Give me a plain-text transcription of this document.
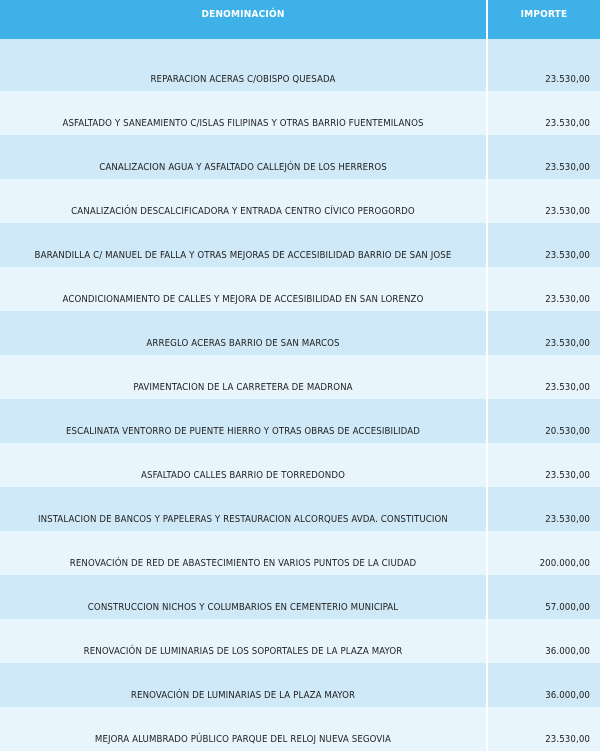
DENOMINACIÓN	IMPORTE
REPARACION ACERAS C/OBISPO QUESADA	23.530,00
ASFALTADO Y SANEAMIENTO C/ISLAS FILIPINAS Y OTRAS BARRIO FUENTEMILANOS	23.530,00
CANALIZACION AGUA Y ASFALTADO CALLEJÓN DE LOS HERREROS	23.530,00
CANALIZACIÓN DESCALCIFICADORA Y ENTRADA CENTRO CÍVICO PEROGORDO	23.530,00
BARANDILLA C/ MANUEL DE FALLA Y OTRAS MEJORAS DE ACCESIBILIDAD BARRIO DE SAN JOSE	23.530,00
ACONDICIONAMIENTO DE CALLES Y MEJORA DE ACCESIBILIDAD EN SAN LORENZO	23.530,00
ARREGLO ACERAS BARRIO DE SAN MARCOS	23.530,00
PAVIMENTACION DE LA CARRETERA DE MADRONA	23.530,00
ESCALINATA VENTORRO DE PUENTE HIERRO Y OTRAS OBRAS DE ACCESIBILIDAD	20.530,00
ASFALTADO CALLES BARRIO DE TORREDONDO	23.530,00
INSTALACION DE BANCOS Y PAPELERAS Y RESTAURACION ALCORQUES AVDA. CONSTITUCION	23.530,00
RENOVACIÓN DE RED DE ABASTECIMIENTO EN VARIOS PUNTOS DE LA CIUDAD	200.000,00
CONSTRUCCION NICHOS Y COLUMBARIOS EN CEMENTERIO MUNICIPAL	57.000,00
RENOVACIÓN DE LUMINARIAS DE LOS SOPORTALES DE LA PLAZA MAYOR	36.000,00
RENOVACIÓN DE LUMINARIAS DE LA PLAZA MAYOR	36.000,00
MEJORA ALUMBRADO PÚBLICO PARQUE DEL RELOJ NUEVA SEGOVIA	23.530,00
